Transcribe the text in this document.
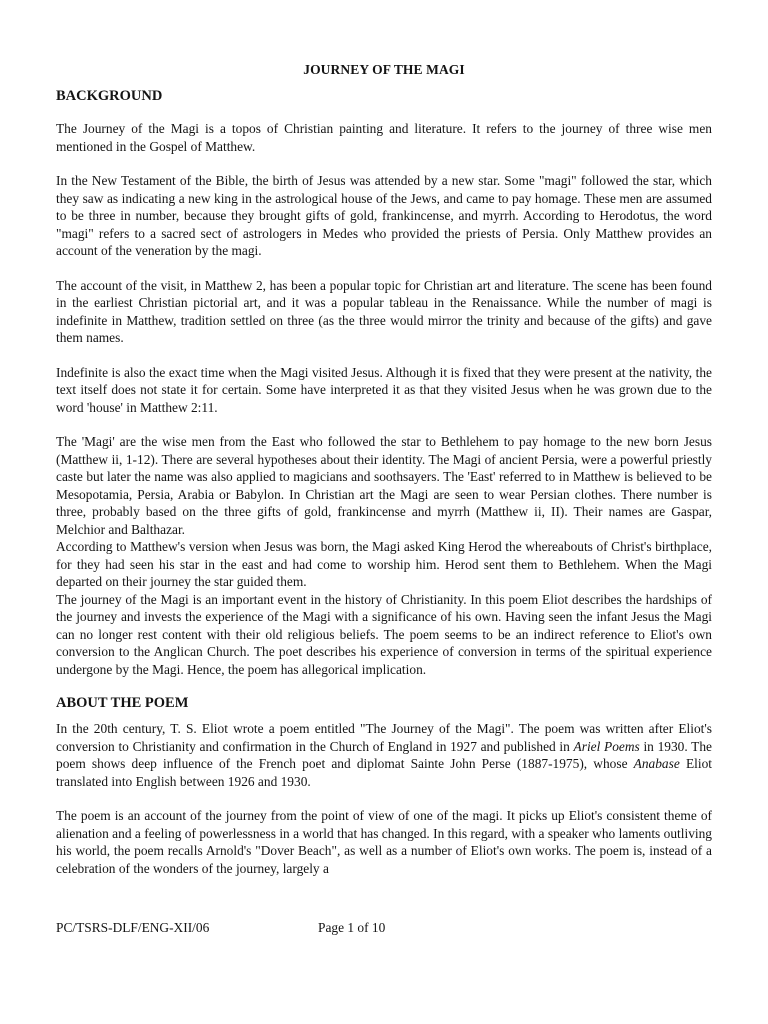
JOURNEY OF THE MAGI
BACKGROUND

The Journey of the Magi is a topos of Christian painting and literature. It refers to the journey of three wise men mentioned in the Gospel of Matthew.

In the New Testament of the Bible, the birth of Jesus was attended by a new star. Some "magi" followed the star, which they saw as indicating a new king in the astrological house of the Jews, and came to pay homage. These men are assumed to be three in number, because they brought gifts of gold, frankincense, and myrrh. According to Herodotus, the word "magi" refers to a sacred sect of astrologers in Medes who provided the priests of Persia. Only Matthew provides an account of the veneration by the magi.

The account of the visit, in Matthew 2, has been a popular topic for Christian art and literature. The scene has been found in the earliest Christian pictorial art, and it was a popular tableau in the Renaissance. While the number of magi is indefinite in Matthew, tradition settled on three (as the three would mirror the trinity and because of the gifts) and gave them names.

Indefinite is also the exact time when the Magi visited Jesus. Although it is fixed that they were present at the nativity, the text itself does not state it for certain. Some have interpreted it as that they visited Jesus when he was grown due to the word 'house' in Matthew 2:11.

The 'Magi' are the wise men from the East who followed the star to Bethlehem to pay homage to the new born Jesus (Matthew ii, 1-12). There are several hypotheses about their identity. The Magi of ancient Persia, were a powerful priestly caste but later the name was also applied to magicians and soothsayers. The 'East' referred to in Matthew is believed to be Mesopotamia, Persia, Arabia or Babylon. In Christian art the Magi are seen to wear Persian clothes. There number is three, probably based on the three gifts of gold, frankincense and myrrh (Matthew ii, II). Their names are Gaspar, Melchior and Balthazar.

According to Matthew's version when Jesus was born, the Magi asked King Herod the whereabouts of Christ's birthplace, for they had seen his star in the east and had come to worship him. Herod sent them to Bethlehem. When the Magi departed on their journey the star guided them.

The journey of the Magi is an important event in the history of Christianity. In this poem Eliot describes the hardships of the journey and invests the experience of the Magi with a significance of his own. Having seen the infant Jesus the Magi can no longer rest content with their old religious beliefs. The poem seems to be an indirect reference to Eliot's own conversion to the Anglican Church. The poet describes his experience of conversion in terms of the spiritual experience undergone by the Magi. Hence, the poem has allegorical implication.

ABOUT THE POEM

In the 20th century, T. S. Eliot wrote a poem entitled "The Journey of the Magi". The poem was written after Eliot's conversion to Christianity and confirmation in the Church of England in 1927 and published in Ariel Poems in 1930. The poem shows deep influence of the French poet and diplomat Sainte John Perse (1887-1975), whose Anabase Eliot translated into English between 1926 and 1930.

The poem is an account of the journey from the point of view of one of the magi. It picks up Eliot's consistent theme of alienation and a feeling of powerlessness in a world that has changed. In this regard, with a speaker who laments outliving his world, the poem recalls Arnold's "Dover Beach", as well as a number of Eliot's own works. The poem is, instead of a celebration of the wonders of the journey, largely a

PC/TSRS-DLF/ENG-XII/06	Page 1 of 10
